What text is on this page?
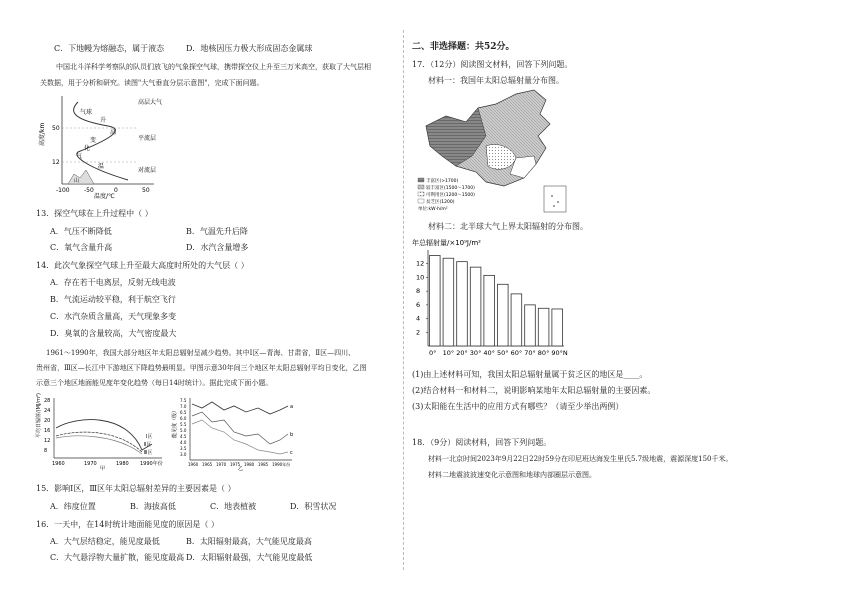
C．下地幔为熔融态，属于液态	D．地核因压力极大形成固态金属球
中国北斗洋科学考察队的队员们放飞的气象探空气球，携带探空仪上升至三万米高空，获取了大气层相
关数据，用于分析和研究。读图"大气垂直分层示意图"，完成下面问题。
高度/km 50
12
-100 -50	0	50
温度/℃
高层大气
平流层
对流层
气球
升
高
变
化
气
温
山
13．探空气球在上升过程中（ ）
A．气压不断降低	B．气温先升后降
C．氧气含量升高	D．水汽含量增多
14．此次气象探空气球上升至最大高度时所处的大气层（ ）
A．存在若干电离层，反射无线电波
B．气流运动较平稳，利于航空飞行
C．水汽杂质含量高，天气现象多变
D．臭氧的含量较高，大气密度最大
1961～1990年，我国大部分地区年太阳总辐射呈减少趋势。其中Ⅰ区—青海、甘肃省，Ⅱ区—四川、
贵州省，Ⅲ区—长江中下游地区下降趋势最明显。甲图示意30年间三个地区年太阳总辐射平均日变化，乙图
示意三个地区地面能见度年变化趋势（每日14时统计）。据此完成下面小题。
平均日辐射/(MJ/m²) 28
24
20
16
12
8
1960	1970	1980 1990年份
Ⅰ区
Ⅱ区
Ⅲ区
甲
能见度（级）
7.5
7.0
6.5
6.0
5.5
5.0
4.5
4.0
3.5
3.0
1960 1965 1970 1975 1980 1985 1990年份
a
b
c
乙
15．影响Ⅰ区，Ⅲ区年太阳总辐射差异的主要因素是（ ）
A．纬度位置	B．海拔高低	C．地表植被	D．积雪状况
16．一天中，在14时统计地面能见度的原因是（ ）
A．大气层结稳定，能见度最低	B．太阳辐射最高，大气能见度最高
C．大气悬浮物大量扩散，能见度最高 D．太阳辐射最强，大气能见度最低
二、非选择题：共52分。
17．（12分）阅读图文材料，回答下列问题。
材料一：我国年太阳总辐射量分布图。
丰富区(>1700)
较丰富区(1500～1700)
可利用区(1200～1500)
贫乏区(1200)
单位:kW·h/m²
材料二：北半球大气上界太阳辐射的分布图。
年总辐射量/×10⁹J/m²
12
10
8
6
4
2
0° 10° 20° 30° 40° 50° 60° 70° 80° 90°N
(1)由上述材料可知，我国太阳总辐射量属于贫乏区的地区是____。
(2)结合材料一和材料二，说明影响某地年太阳总辐射量的主要因素。
(3)太阳能在生活中的应用方式有哪些？（请至少举出两例）
18．（9分）阅读材料，回答下列问题。
材料一北京时间2023年9月22日22时59分在印尼班达海发生里氏5.7级地震，震源深度150千米。
材料二地震波波速变化示意图和地球内部圈层示意图。
